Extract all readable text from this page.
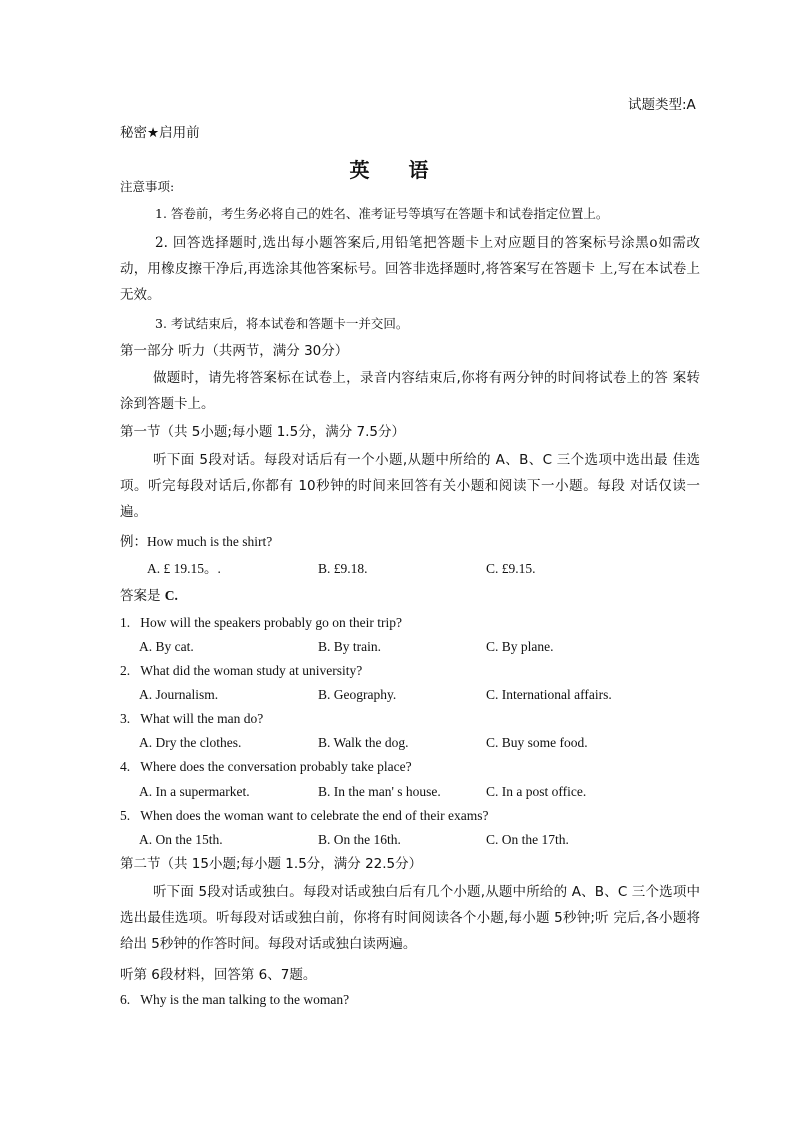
试题类型:A
秘密★启用前
英 语
注意事项:
1. 答卷前，考生务必将自己的姓名、准考证号等填写在答题卡和试卷指定位置上。
2. 回答选择题时,选出每小题答案后,用铅笔把答题卡上对应题目的答案标号涂黑o如需改动，用橡皮擦干净后,再选涂其他答案标号。回答非选择题时,将答案写在答题卡 上,写在本试卷上无效。
3. 考试结束后，将本试卷和答题卡一并交回。
第一部分 听力（共两节，满分 30分）
做题时，请先将答案标在试卷上，录音内容结束后,你将有两分钟的时间将试卷上的答 案转涂到答题卡上。
第一节（共 5小题;每小题 1.5分，满分 7.5分）
听下面 5段对话。每段对话后有一个小题,从题中所给的 A、B、C 三个选项中选出最 佳选项。听完每段对话后,你都有 10秒钟的时间来回答有关小题和阅读下一小题。每段 对话仅读一遍。
例：How much is the shirt?
A. £ 19.15。.	B. £9.18.	C. £9.15.
答案是 C.
1. How will the speakers probably go on their trip?
A. By cat.	B. By train.	C. By plane.
2. What did the woman study at university?
A. Journalism.	B. Geography.	C. International affairs.
3. What will the man do?
A. Dry the clothes.	B. Walk the dog.	C. Buy some food.
4. Where does the conversation probably take place?
A. In a supermarket.	B. In the man' s house.	C. In a post office.
5. When does the woman want to celebrate the end of their exams?
A. On the 15th.	B. On the 16th.	C. On the 17th.
第二节（共 15小题;每小题 1.5分，满分 22.5分）
听下面 5段对话或独白。每段对话或独白后有几个小题,从题中所给的 A、B、C 三个选项中选出最佳选项。听每段对话或独白前，你将有时间阅读各个小题,每小题 5秒钟;听 完后,各小题将给出 5秒钟的作答时间。每段对话或独白读两遍。
听第 6段材料，回答第 6、7题。
6. Why is the man talking to the woman?
